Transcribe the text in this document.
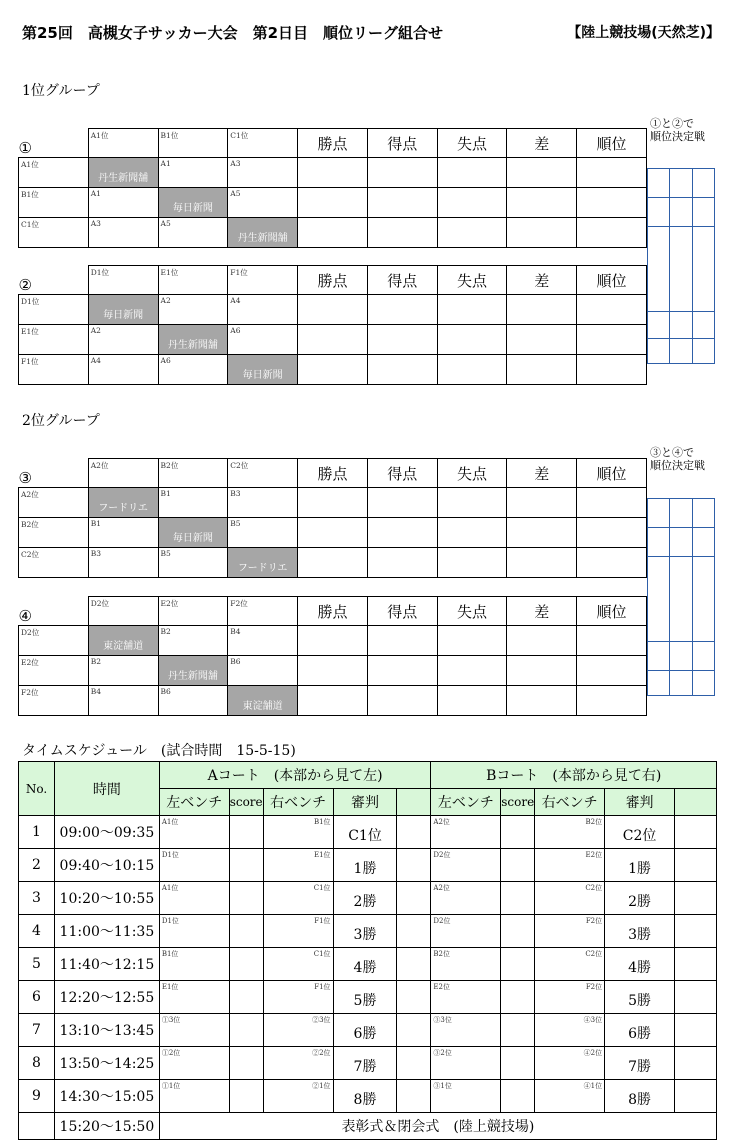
第25回　高槻女子サッカー大会　第2日目　順位リーグ組合せ	【陸上競技場(天然芝)】
1位グループ
2位グループ
①と②で
順位決定戦
③と④で
順位決定戦
①	A1位	B1位	C1位	勝点	得点	失点	差	順位
A1位	丹生新聞舗	A1	A3					
B1位	A1	毎日新聞	A5					
C1位	A3	A5	丹生新聞舗					
②	D1位	E1位	F1位	勝点	得点	失点	差	順位
D1位	毎日新聞	A2	A4					
E1位	A2	丹生新聞舗	A6					
F1位	A4	A6	毎日新聞					
③	A2位	B2位	C2位	勝点	得点	失点	差	順位
A2位	フードリエ	B1	B3					
B2位	B1	毎日新聞	B5					
C2位	B3	B5	フードリエ					
④	D2位	E2位	F2位	勝点	得点	失点	差	順位
D2位	東淀舗道	B2	B4					
E2位	B2	丹生新聞舗	B6					
F2位	B4	B6	東淀舗道					

タイムスケジュール　(試合時間　15-5-15)
No.	時間	Aコート　(本部から見て左)					Bコート　(本部から見て右)				
		左ベンチ	score	右ベンチ	審判		左ベンチ	score	右ベンチ	審判	
1	09:00～09:35	A1位		B1位	C1位		A2位		B2位	C2位	
2	09:40～10:15	D1位		E1位	1勝		D2位		E2位	1勝	
3	10:20～10:55	A1位		C1位	2勝		A2位		C2位	2勝	
4	11:00～11:35	D1位		F1位	3勝		D2位		F2位	3勝	
5	11:40～12:15	B1位		C1位	4勝		B2位		C2位	4勝	
6	12:20～12:55	E1位		F1位	5勝		E2位		F2位	5勝	
7	13:10～13:45	①3位		②3位	6勝		③3位		④3位	6勝	
8	13:50～14:25	①2位		②2位	7勝		③2位		④2位	7勝	
9	14:30～15:05	①1位		②1位	8勝		③1位		④1位	8勝	
	15:20～15:50	表彰式＆閉会式　(陸上競技場)									
